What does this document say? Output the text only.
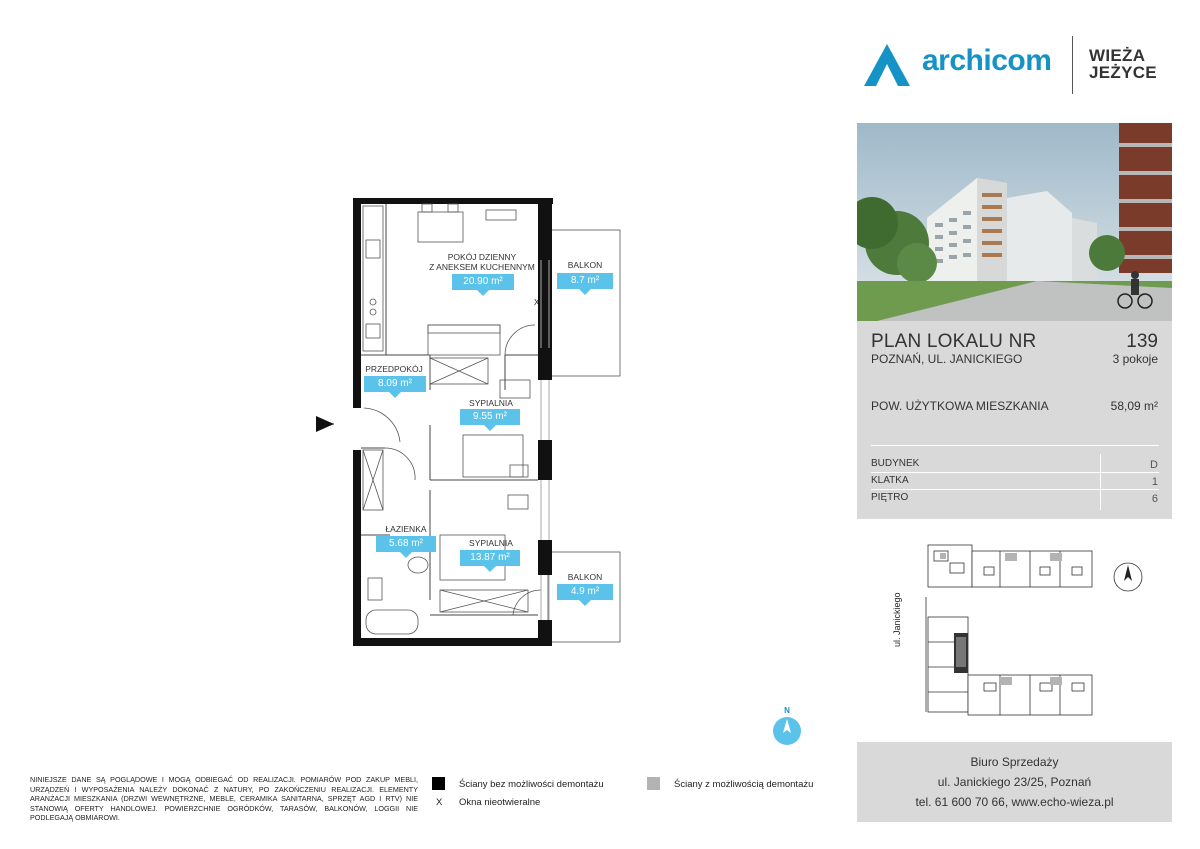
archicom WIEŻA
JEŻYCE
PLAN LOKALU NR	139
POZNAŃ, UL. JANICKIEGO	3 pokoje
POW. UŻYTKOWA MIESZKANIA	58,09 m²
BUDYNEK	D
KLATKA	1
PIĘTRO	6
ul. Janickiego
N
X
POKÓJ DZIENNY
Z ANEKSEM KUCHENNYM
20.90 m²
BALKON
8.7 m²
PRZEDPOKÓJ
8.09 m²
SYPIALNIA
9.55 m²
ŁAZIENKA
5.68 m²	SYPIALNIA
13.87 m²
BALKON
4.9 m²
NINIEJSZE DANE SĄ POGLĄDOWE I MOGĄ ODBIEGAĆ OD REALIZACJI. POMIARÓW POD ZAKUP MEBLI, URZĄDZEŃ I WYPOSAŻENIA NALEŻY DOKONAĆ Z NATURY, PO ZAKOŃCZENIU REALIZACJI. ELEMENTY ARANŻACJI MIESZKANIA (DRZWI WEWNĘTRZNE, MEBLE, CERAMIKA SANITARNA, SPRZĘT AGD I RTV) NIE STANOWIĄ OFERTY HANDLOWEJ. POWIERZCHNIE OGRÓDKÓW, TARASÓW, BALKONÓW, LOGGII NIE PODLEGAJĄ OBMIAROWI.
Ściany bez możliwości demontażu	Ściany z możliwością demontażu
X Okna nieotwieralne
Biuro Sprzedaży
ul. Janickiego 23/25, Poznań
tel. 61 600 70 66, www.echo-wieza.pl
